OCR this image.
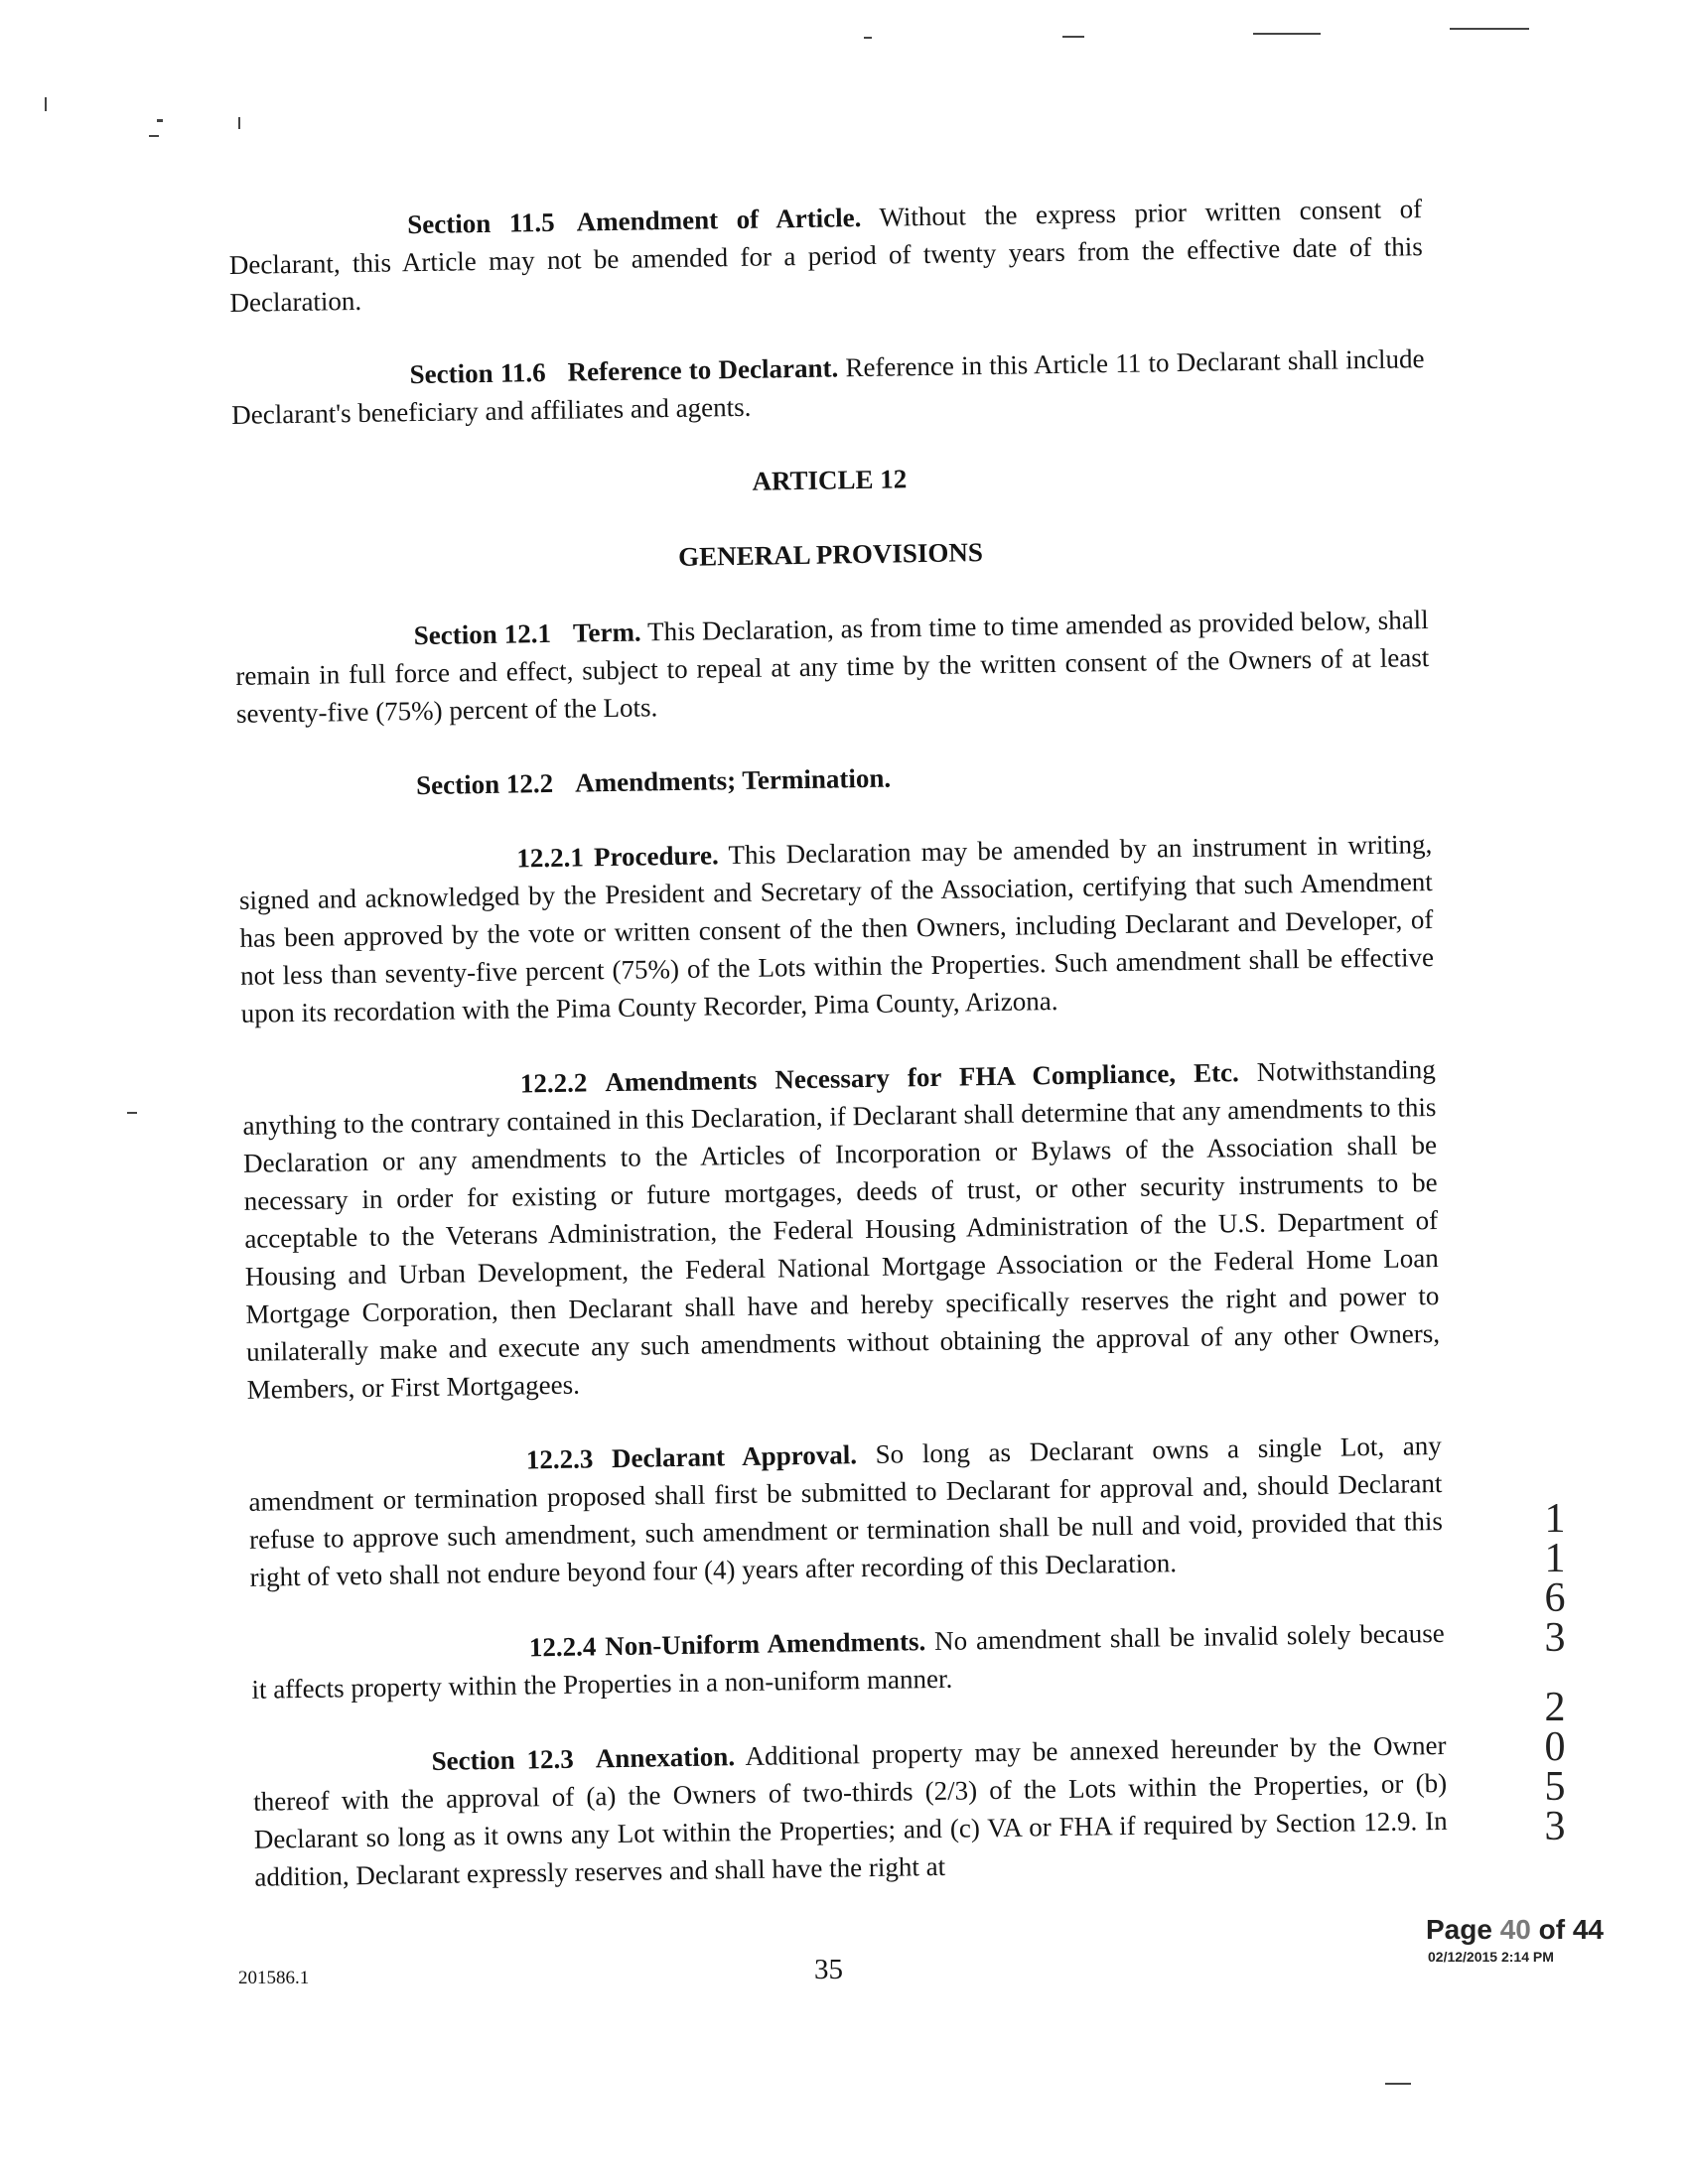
Section 11.5 Amendment of Article. Without the express prior written consent of Declarant, this Article may not be amended for a period of twenty years from the effective date of this Declaration.

Section 11.6 Reference to Declarant. Reference in this Article 11 to Declarant shall include Declarant's beneficiary and affiliates and agents.

ARTICLE 12

GENERAL PROVISIONS

Section 12.1 Term. This Declaration, as from time to time amended as provided below, shall remain in full force and effect, subject to repeal at any time by the written consent of the Owners of at least seventy-five (75%) percent of the Lots.

Section 12.2 Amendments; Termination.

12.2.1 Procedure. This Declaration may be amended by an instrument in writing, signed and acknowledged by the President and Secretary of the Association, certifying that such Amendment has been approved by the vote or written consent of the then Owners, including Declarant and Developer, of not less than seventy-five percent (75%) of the Lots within the Properties. Such amendment shall be effective upon its recordation with the Pima County Recorder, Pima County, Arizona.

12.2.2 Amendments Necessary for FHA Compliance, Etc. Notwithstanding anything to the contrary contained in this Declaration, if Declarant shall determine that any amendments to this Declaration or any amendments to the Articles of Incorporation or Bylaws of the Association shall be necessary in order for existing or future mortgages, deeds of trust, or other security instruments to be acceptable to the Veterans Administration, the Federal Housing Administration of the U.S. Department of Housing and Urban Development, the Federal National Mortgage Association or the Federal Home Loan Mortgage Corporation, then Declarant shall have and hereby specifically reserves the right and power to unilaterally make and execute any such amendments without obtaining the approval of any other Owners, Members, or First Mortgagees.

12.2.3 Declarant Approval. So long as Declarant owns a single Lot, any amendment or termination proposed shall first be submitted to Declarant for approval and, should Declarant refuse to approve such amendment, such amendment or termination shall be null and void, provided that this right of veto shall not endure beyond four (4) years after recording of this Declaration.

12.2.4 Non-Uniform Amendments. No amendment shall be invalid solely because it affects property within the Properties in a non-uniform manner.

Section 12.3 Annexation. Additional property may be annexed hereunder by the Owner thereof with the approval of (a) the Owners of two-thirds (2/3) of the Lots within the Properties, or (b) Declarant so long as it owns any Lot within the Properties; and (c) VA or FHA if required by Section 12.9. In addition, Declarant expressly reserves and shall have the right at

1
1
6
3
2
0
5
3
Page 40 of 44
02/12/2015 2:14 PM
201586.1	35
